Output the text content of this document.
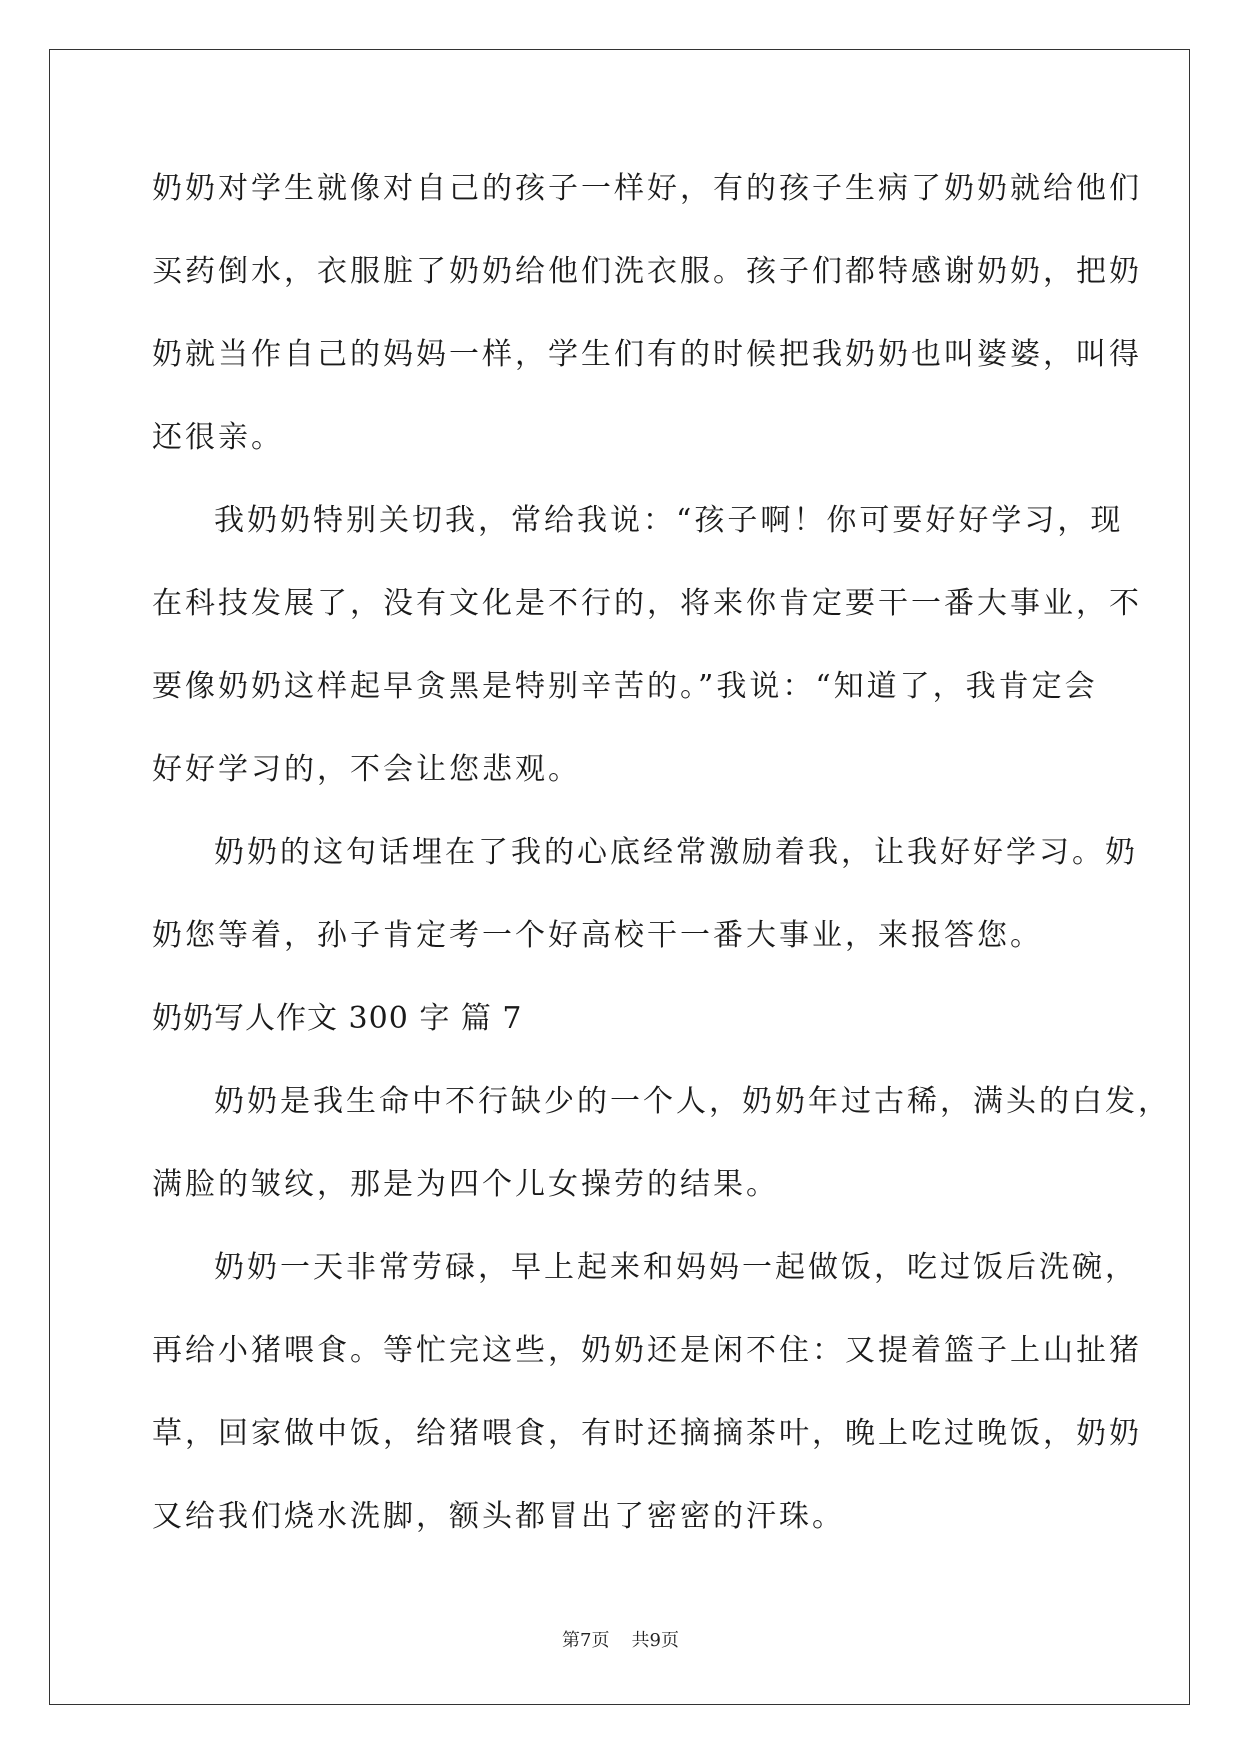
奶奶对学生就像对自己的孩子一样好，有的孩子生病了奶奶就给他们
买药倒水，衣服脏了奶奶给他们洗衣服。孩子们都特感谢奶奶，把奶
奶就当作自己的妈妈一样，学生们有的时候把我奶奶也叫婆婆，叫得
还很亲。
我奶奶特别关切我，常给我说：“孩子啊！你可要好好学习，现
在科技发展了，没有文化是不行的，将来你肯定要干一番大事业，不
要像奶奶这样起早贪黑是特别辛苦的。”我说：“知道了，我肯定会
好好学习的，不会让您悲观。
奶奶的这句话埋在了我的心底经常激励着我，让我好好学习。奶
奶您等着，孙子肯定考一个好高校干一番大事业，来报答您。
奶奶写人作文 300 字 篇 7
奶奶是我生命中不行缺少的一个人，奶奶年过古稀，满头的白发，
满脸的皱纹，那是为四个儿女操劳的结果。
奶奶一天非常劳碌，早上起来和妈妈一起做饭，吃过饭后洗碗，
再给小猪喂食。等忙完这些，奶奶还是闲不住：又提着篮子上山扯猪
草，回家做中饭，给猪喂食，有时还摘摘茶叶，晚上吃过晚饭，奶奶
又给我们烧水洗脚，额头都冒出了密密的汗珠。
第7页 共9页
